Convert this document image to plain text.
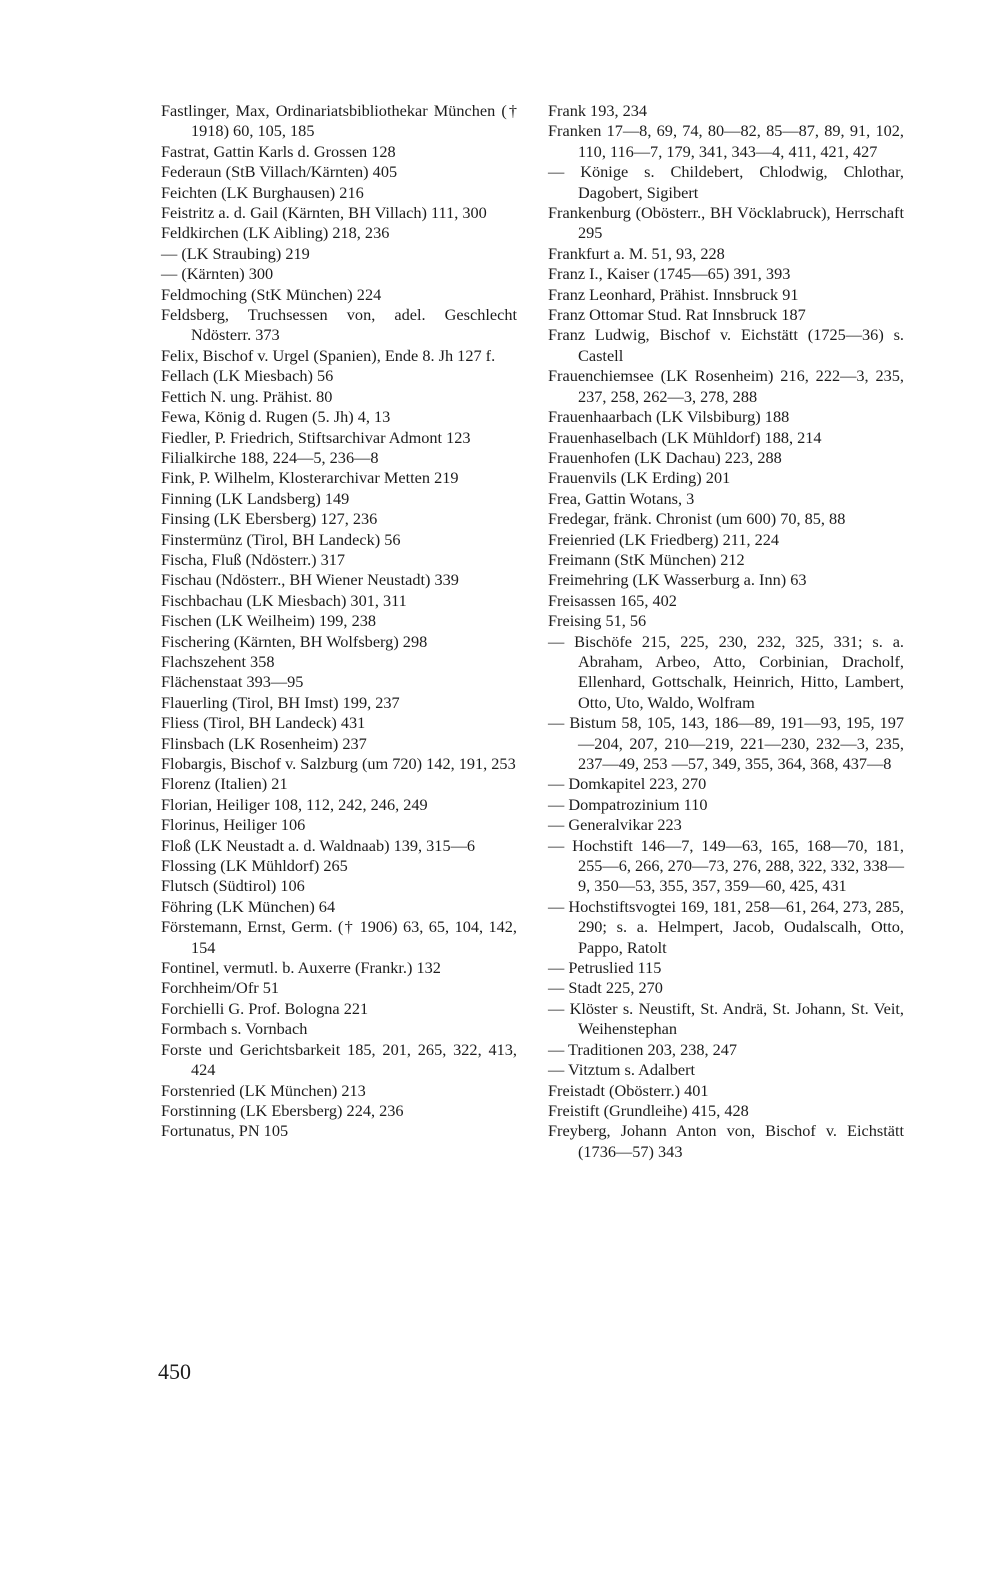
Fastlinger, Max, Ordinariatsbibliothekar München († 1918) 60, 105, 185
Fastrat, Gattin Karls d. Grossen 128
Federaun (StB Villach/Kärnten) 405
Feichten (LK Burghausen) 216
Feistritz a. d. Gail (Kärnten, BH Villach) 111, 300
Feldkirchen (LK Aibling) 218, 236
— (LK Straubing) 219
— (Kärnten) 300
Feldmoching (StK München) 224
Feldsberg, Truchsessen von, adel. Geschlecht Ndösterr. 373
Felix, Bischof v. Urgel (Spanien), Ende 8. Jh 127 f.
Fellach (LK Miesbach) 56
Fettich N. ung. Prähist. 80
Fewa, König d. Rugen (5. Jh) 4, 13
Fiedler, P. Friedrich, Stiftsarchivar Admont 123
Filialkirche 188, 224—5, 236—8
Fink, P. Wilhelm, Klosterarchivar Metten 219
Finning (LK Landsberg) 149
Finsing (LK Ebersberg) 127, 236
Finstermünz (Tirol, BH Landeck) 56
Fischa, Fluß (Ndösterr.) 317
Fischau (Ndösterr., BH Wiener Neustadt) 339
Fischbachau (LK Miesbach) 301, 311
Fischen (LK Weilheim) 199, 238
Fischering (Kärnten, BH Wolfsberg) 298
Flachszehent 358
Flächenstaat 393—95
Flauerling (Tirol, BH Imst) 199, 237
Fliess (Tirol, BH Landeck) 431
Flinsbach (LK Rosenheim) 237
Flobargis, Bischof v. Salzburg (um 720) 142, 191, 253
Florenz (Italien) 21
Florian, Heiliger 108, 112, 242, 246, 249
Florinus, Heiliger 106
Floß (LK Neustadt a. d. Waldnaab) 139, 315—6
Flossing (LK Mühldorf) 265
Flutsch (Südtirol) 106
Föhring (LK München) 64
Förstemann, Ernst, Germ. († 1906) 63, 65, 104, 142, 154
Fontinel, vermutl. b. Auxerre (Frankr.) 132
Forchheim/Ofr 51
Forchielli G. Prof. Bologna 221
Formbach s. Vornbach
Forste und Gerichtsbarkeit 185, 201, 265, 322, 413, 424
Forstenried (LK München) 213
Forstinning (LK Ebersberg) 224, 236
Fortunatus, PN 105
Frank 193, 234
Franken 17—8, 69, 74, 80—82, 85—87, 89, 91, 102, 110, 116—7, 179, 341, 343—4, 411, 421, 427
— Könige s. Childebert, Chlodwig, Chlothar, Dagobert, Sigibert
Frankenburg (Obösterr., BH Vöcklabruck), Herrschaft 295
Frankfurt a. M. 51, 93, 228
Franz I., Kaiser (1745—65) 391, 393
Franz Leonhard, Prähist. Innsbruck 91
Franz Ottomar Stud. Rat Innsbruck 187
Franz Ludwig, Bischof v. Eichstätt (1725—36) s. Castell
Frauenchiemsee (LK Rosenheim) 216, 222—3, 235, 237, 258, 262—3, 278, 288
Frauenhaarbach (LK Vilsbiburg) 188
Frauenhaselbach (LK Mühldorf) 188, 214
Frauenhofen (LK Dachau) 223, 288
Frauenvils (LK Erding) 201
Frea, Gattin Wotans, 3
Fredegar, fränk. Chronist (um 600) 70, 85, 88
Freienried (LK Friedberg) 211, 224
Freimann (StK München) 212
Freimehring (LK Wasserburg a. Inn) 63
Freisassen 165, 402
Freising 51, 56
— Bischöfe 215, 225, 230, 232, 325, 331; s. a. Abraham, Arbeo, Atto, Corbinian, Dracholf, Ellenhard, Gottschalk, Heinrich, Hitto, Lambert, Otto, Uto, Waldo, Wolfram
— Bistum 58, 105, 143, 186—89, 191—93, 195, 197—204, 207, 210—219, 221—230, 232—3, 235, 237—49, 253 —57, 349, 355, 364, 368, 437—8
— Domkapitel 223, 270
— Dompatrozinium 110
— Generalvikar 223
— Hochstift 146—7, 149—63, 165, 168—70, 181, 255—6, 266, 270—73, 276, 288, 322, 332, 338—9, 350—53, 355, 357, 359—60, 425, 431
— Hochstiftsvogtei 169, 181, 258—61, 264, 273, 285, 290; s. a. Helmpert, Jacob, Oudalscalh, Otto, Pappo, Ratolt
— Petruslied 115
— Stadt 225, 270
— Klöster s. Neustift, St. Andrä, St. Johann, St. Veit, Weihenstephan
— Traditionen 203, 238, 247
— Vitztum s. Adalbert
Freistadt (Obösterr.) 401
Freistift (Grundleihe) 415, 428
Freyberg, Johann Anton von, Bischof v. Eichstätt (1736—57) 343
450
